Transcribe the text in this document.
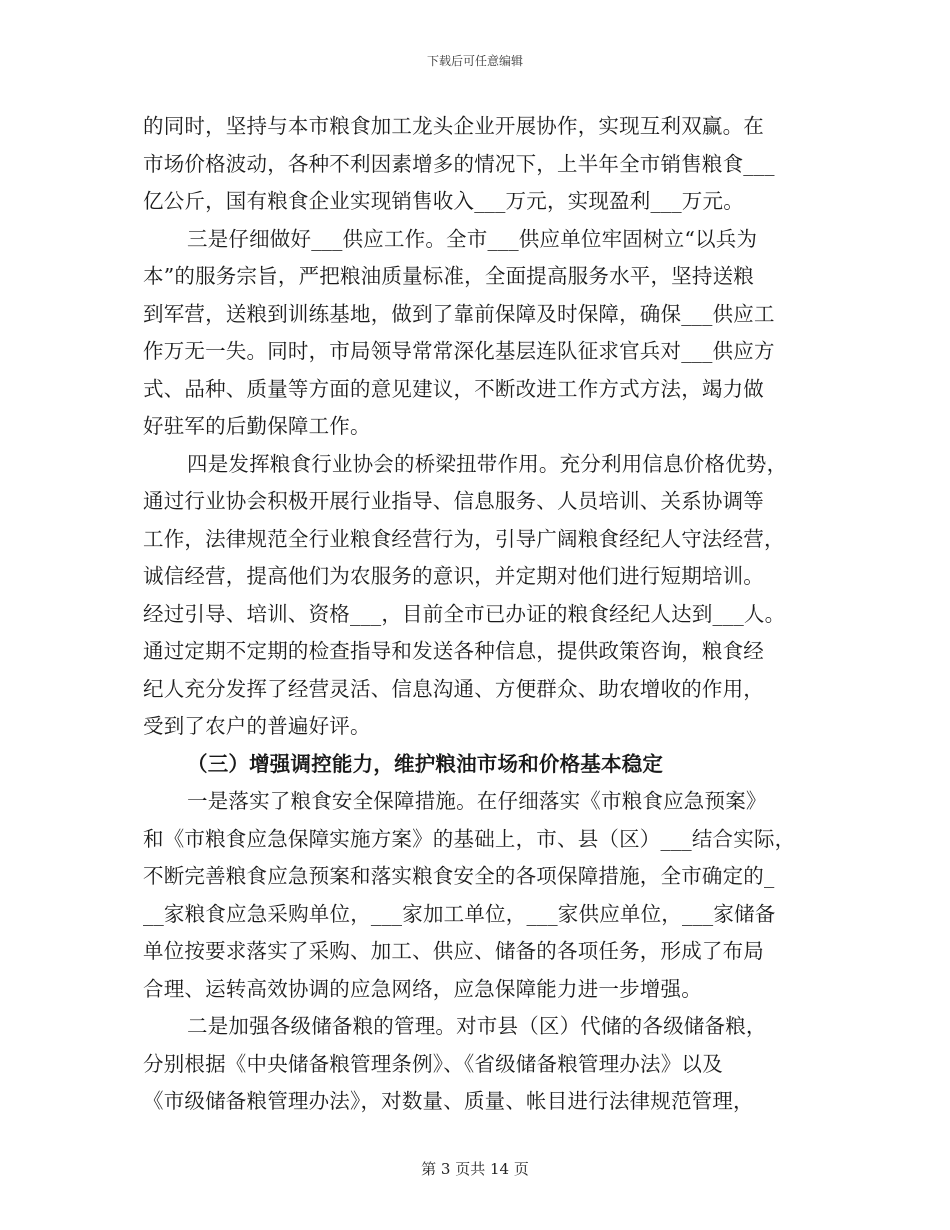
下载后可任意编辑
的同时，坚持与本市粮食加工龙头企业开展协作，实现互利双赢。在
市场价格波动，各种不利因素增多的情况下，上半年全市销售粮食___
亿公斤，国有粮食企业实现销售收入___万元，实现盈利___万元。
三是仔细做好___供应工作。全市___供应单位牢固树立“以兵为
本”的服务宗旨，严把粮油质量标准，全面提高服务水平，坚持送粮
到军营，送粮到训练基地，做到了靠前保障及时保障，确保___供应工
作万无一失。同时，市局领导常常深化基层连队征求官兵对___供应方
式、品种、质量等方面的意见建议，不断改进工作方式方法，竭力做
好驻军的后勤保障工作。
四是发挥粮食行业协会的桥梁扭带作用。充分利用信息价格优势，
通过行业协会积极开展行业指导、信息服务、人员培训、关系协调等
工作，法律规范全行业粮食经营行为，引导广阔粮食经纪人守法经营，
诚信经营，提高他们为农服务的意识，并定期对他们进行短期培训。
经过引导、培训、资格___，目前全市已办证的粮食经纪人达到___人。
通过定期不定期的检查指导和发送各种信息，提供政策咨询，粮食经
纪人充分发挥了经营灵活、信息沟通、方便群众、助农增收的作用，
受到了农户的普遍好评。
（三）增强调控能力，维护粮油市场和价格基本稳定
一是落实了粮食安全保障措施。在仔细落实《市粮食应急预案》
和《市粮食应急保障实施方案》的基础上，市、县（区）___结合实际，
不断完善粮食应急预案和落实粮食安全的各项保障措施，全市确定的_
__家粮食应急采购单位，___家加工单位，___家供应单位，___家储备
单位按要求落实了采购、加工、供应、储备的各项任务，形成了布局
合理、运转高效协调的应急网络，应急保障能力进一步增强。
二是加强各级储备粮的管理。对市县（区）代储的各级储备粮，
分别根据《中央储备粮管理条例》、《省级储备粮管理办法》以及
《市级储备粮管理办法》，对数量、质量、帐目进行法律规范管理，
第 3 页共 14 页
